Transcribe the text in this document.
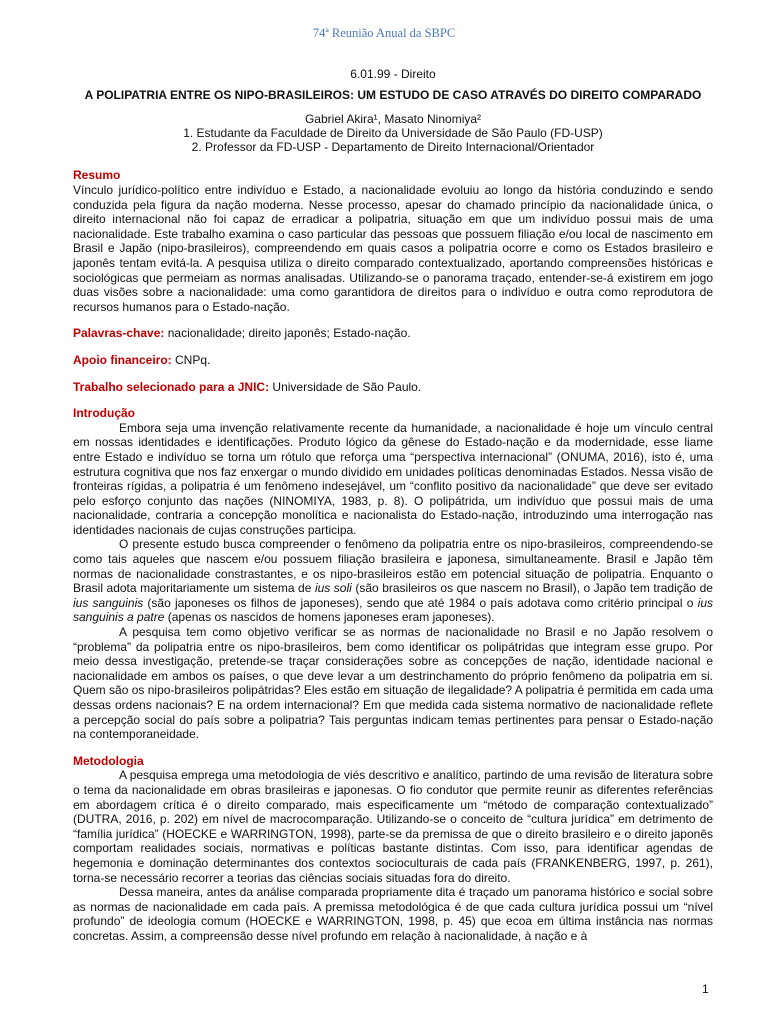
74ª Reunião Anual da SBPC
6.01.99 - Direito
A POLIPATRIA ENTRE OS NIPO-BRASILEIROS: UM ESTUDO DE CASO ATRAVÉS DO DIREITO COMPARADO
Gabriel Akira¹, Masato Ninomiya²
1. Estudante da Faculdade de Direito da Universidade de São Paulo (FD-USP)
2. Professor da FD-USP - Departamento de Direito Internacional/Orientador
Resumo

Vínculo jurídico-político entre indivíduo e Estado, a nacionalidade evoluiu ao longo da história conduzindo e sendo conduzida pela figura da nação moderna. Nesse processo, apesar do chamado princípio da nacionalidade única, o direito internacional não foi capaz de erradicar a polipatria, situação em que um indivíduo possui mais de uma nacionalidade. Este trabalho examina o caso particular das pessoas que possuem filiação e/ou local de nascimento em Brasil e Japão (nipo-brasileiros), compreendendo em quais casos a polipatria ocorre e como os Estados brasileiro e japonês tentam evitá-la. A pesquisa utiliza o direito comparado contextualizado, aportando compreensões históricas e sociológicas que permeiam as normas analisadas. Utilizando-se o panorama traçado, entender-se-á existirem em jogo duas visões sobre a nacionalidade: uma como garantidora de direitos para o indivíduo e outra como reprodutora de recursos humanos para o Estado-nação.

Palavras-chave: nacionalidade; direito japonês; Estado-nação.

Apoio financeiro: CNPq.

Trabalho selecionado para a JNIC: Universidade de São Paulo.

Introdução

Embora seja uma invenção relativamente recente da humanidade, a nacionalidade é hoje um vínculo central em nossas identidades e identificações. Produto lógico da gênese do Estado-nação e da modernidade, esse liame entre Estado e indivíduo se torna um rótulo que reforça uma “perspectiva internacional” (ONUMA, 2016), isto é, uma estrutura cognitiva que nos faz enxergar o mundo dividido em unidades políticas denominadas Estados. Nessa visão de fronteiras rígidas, a polipatria é um fenômeno indesejável, um “conflito positivo da nacionalidade” que deve ser evitado pelo esforço conjunto das nações (NINOMIYA, 1983, p. 8). O polipátrida, um indivíduo que possui mais de uma nacionalidade, contraria a concepção monolítica e nacionalista do Estado-nação, introduzindo uma interrogação nas identidades nacionais de cujas construções participa.

O presente estudo busca compreender o fenômeno da polipatria entre os nipo-brasileiros, compreendendo-se como tais aqueles que nascem e/ou possuem filiação brasileira e japonesa, simultaneamente. Brasil e Japão têm normas de nacionalidade constrastantes, e os nipo-brasileiros estão em potencial situação de polipatria. Enquanto o Brasil adota majoritariamente um sistema de ius soli (são brasileiros os que nascem no Brasil), o Japão tem tradição de ius sanguinis (são japoneses os filhos de japoneses), sendo que até 1984 o país adotava como critério principal o ius sanguinis a patre (apenas os nascidos de homens japoneses eram japoneses).

A pesquisa tem como objetivo verificar se as normas de nacionalidade no Brasil e no Japão resolvem o “problema” da polipatria entre os nipo-brasileiros, bem como identificar os polipátridas que integram esse grupo. Por meio dessa investigação, pretende-se traçar considerações sobre as concepções de nação, identidade nacional e nacionalidade em ambos os países, o que deve levar a um destrinchamento do próprio fenômeno da polipatria em si. Quem são os nipo-brasileiros polipátridas? Eles estão em situação de ilegalidade? A polipatria é permitida em cada uma dessas ordens nacionais? E na ordem internacional? Em que medida cada sistema normativo de nacionalidade reflete a percepção social do país sobre a polipatria? Tais perguntas indicam temas pertinentes para pensar o Estado-nação na contemporaneidade.

Metodologia

A pesquisa emprega uma metodologia de viés descritivo e analítico, partindo de uma revisão de literatura sobre o tema da nacionalidade em obras brasileiras e japonesas. O fio condutor que permite reunir as diferentes referências em abordagem crítica é o direito comparado, mais especificamente um “método de comparação contextualizado” (DUTRA, 2016, p. 202) em nível de macrocomparação. Utilizando-se o conceito de “cultura jurídica” em detrimento de “família jurídica” (HOECKE e WARRINGTON, 1998), parte-se da premissa de que o direito brasileiro e o direito japonês comportam realidades sociais, normativas e políticas bastante distintas. Com isso, para identificar agendas de hegemonia e dominação determinantes dos contextos socioculturais de cada país (FRANKENBERG, 1997, p. 261), torna-se necessário recorrer a teorias das ciências sociais situadas fora do direito.

Dessa maneira, antes da análise comparada propriamente dita é traçado um panorama histórico e social sobre as normas de nacionalidade em cada país. A premissa metodológica é de que cada cultura jurídica possui um “nível profundo” de ideologia comum (HOECKE e WARRINGTON, 1998, p. 45) que ecoa em última instância nas normas concretas. Assim, a compreensão desse nível profundo em relação à nacionalidade, à nação e à

1
